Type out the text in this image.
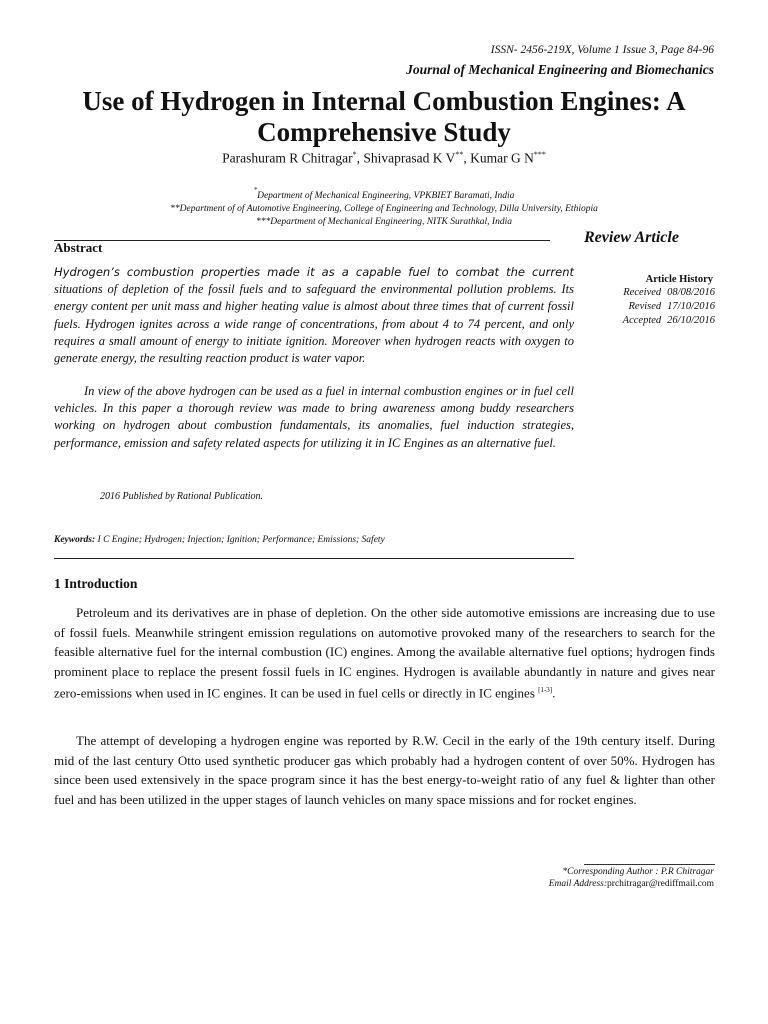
ISSN- 2456-219X, Volume 1 Issue 3, Page 84-96
Journal of Mechanical Engineering and Biomechanics
Use of Hydrogen in Internal Combustion Engines: A
Comprehensive Study
Parashuram R Chitragar*, Shivaprasad K V**, Kumar G N***
*Department of Mechanical Engineering, VPKBIET Baramati, India
**Department of of Automotive Engineering, College of Engineering and Technology, Dilla University, Ethiopia
***Department of Mechanical Engineering, NITK Surathkal, India
Review Article
Abstract

Hydrogen’s combustion properties made it as a capable fuel to combat the current situations of depletion of the fossil fuels and to safeguard the environmental pollution problems. Its energy content per unit mass and higher heating value is almost about three times that of current fossil fuels. Hydrogen ignites across a wide range of concentrations, from about 4 to 74 percent, and only requires a small amount of energy to initiate ignition. Moreover when hydrogen reacts with oxygen to generate energy, the resulting reaction product is water vapor.

In view of the above hydrogen can be used as a fuel in internal combustion engines or in fuel cell vehicles. In this paper a thorough review was made to bring awareness among buddy researchers working on hydrogen about combustion fundamentals, its anomalies, fuel induction strategies, performance, emission and safety related aspects for utilizing it in IC Engines as an alternative fuel.

2016 Published by Rational Publication.
Keywords: I C Engine; Hydrogen; Injection; Ignition; Performance; Emissions; Safety
Article History
Received 08/08/2016
Revised 17/10/2016
Accepted 26/10/2016
1 Introduction

Petroleum and its derivatives are in phase of depletion. On the other side automotive emissions are increasing due to use of fossil fuels. Meanwhile stringent emission regulations on automotive provoked many of the researchers to search for the feasible alternative fuel for the internal combustion (IC) engines. Among the available alternative fuel options; hydrogen finds prominent place to replace the present fossil fuels in IC engines. Hydrogen is available abundantly in nature and gives near zero-emissions when used in IC engines. It can be used in fuel cells or directly in IC engines [1-3].

The attempt of developing a hydrogen engine was reported by R.W. Cecil in the early of the 19th century itself. During mid of the last century Otto used synthetic producer gas which probably had a hydrogen content of over 50%. Hydrogen has since been used extensively in the space program since it has the best energy-to-weight ratio of any fuel & lighter than other fuel and has been utilized in the upper stages of launch vehicles on many space missions and for rocket engines.

*Corresponding Author : P.R Chitragar
Email Address:prchitragar@rediffmail.com
